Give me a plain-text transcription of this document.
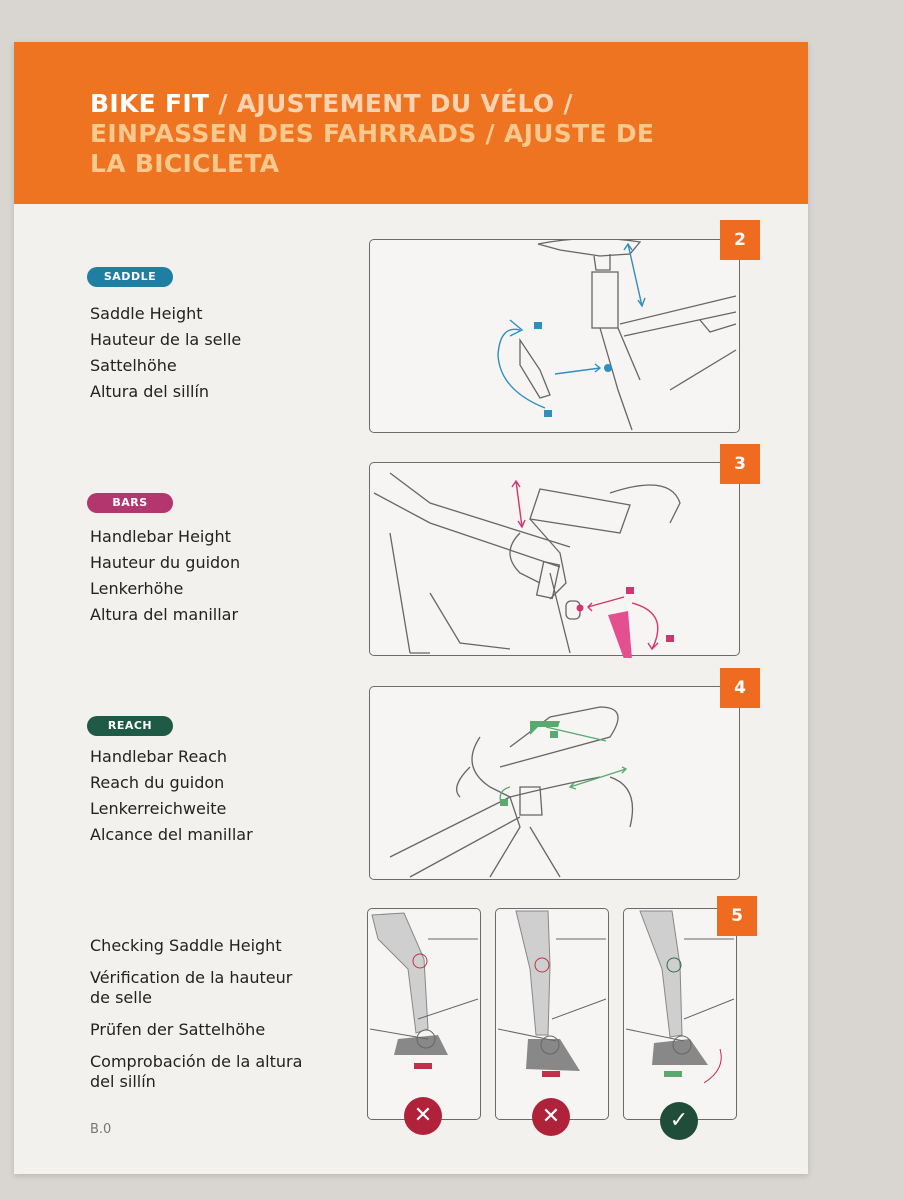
BIKE FIT / AJUSTEMENT DU VÉLO /
EINPASSEN DES FAHRRADS / AJUSTE DE LA BICICLETA
SADDLE
Saddle Height
Hauteur de la selle
Sattelhöhe
Altura del sillín
2
BARS
Handlebar Height
Hauteur du guidon
Lenkerhöhe
Altura del manillar
3
REACH
Handlebar Reach
Reach du guidon
Lenkerreichweite
Alcance del manillar
4
Checking Saddle Height
Vérification de la hauteur de selle
Prüfen der Sattelhöhe
Comprobación de la altura del sillín
5
✕	✕	✓
B.0
